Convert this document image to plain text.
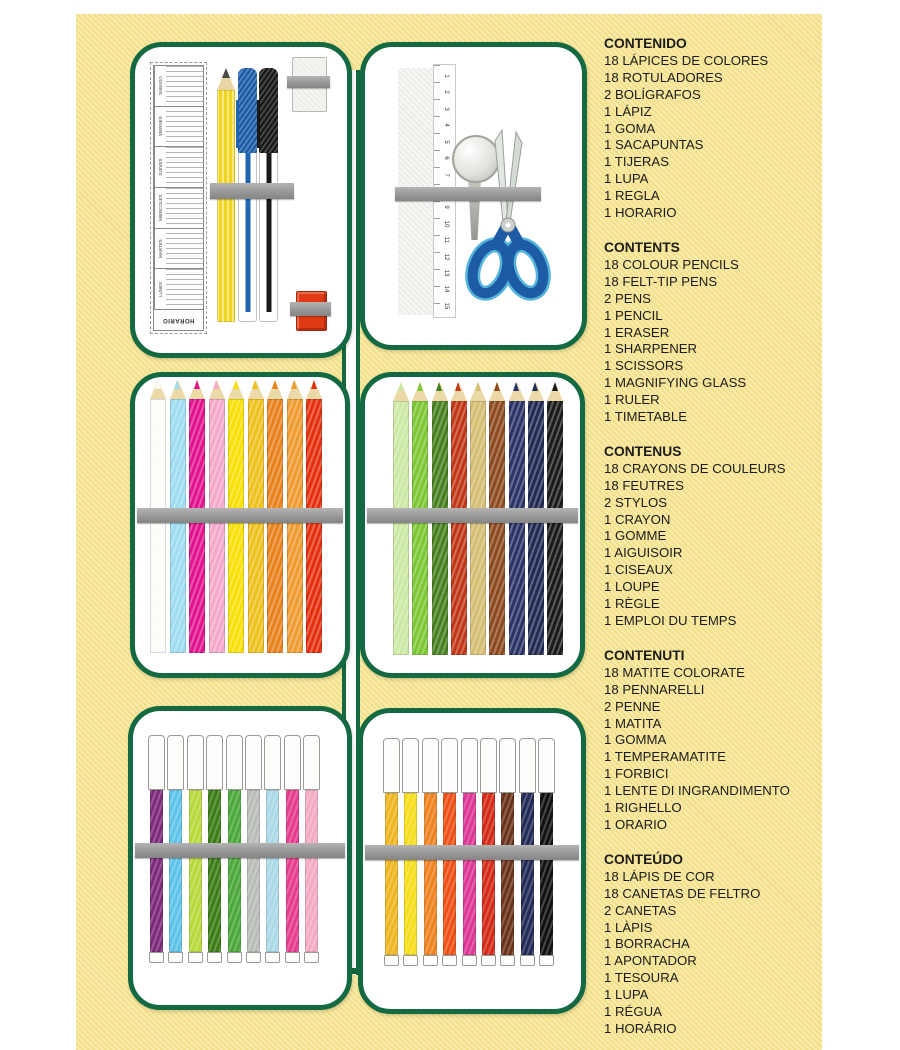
HORARIO
LUNES
MARTES
MIERCOLES
JUEVES
VIERNES
SABADO
1
2
3
4
5
6
7
9
10
11
12
13
14
15
CONTENIDO
18 LÁPICES DE COLORES
18 ROTULADORES
2 BOLÍGRAFOS
1 LÁPIZ
1 GOMA
1 SACAPUNTAS
1 TIJERAS
1 LUPA
1 REGLA
1 HORARIO
CONTENTS
18 COLOUR PENCILS
18 FELT-TIP PENS
2 PENS
1 PENCIL
1 ERASER
1 SHARPENER
1 SCISSORS
1 MAGNIFYING GLASS
1 RULER
1 TIMETABLE
CONTENUS
18 CRAYONS DE COULEURS
18 FEUTRES
2 STYLOS
1 CRAYON
1 GOMME
1 AIGUISOIR
1 CISEAUX
1 LOUPE
1 RÈGLE
1 EMPLOI DU TEMPS
CONTENUTI
18 MATITE COLORATE
18 PENNARELLI
2 PENNE
1 MATITA
1 GOMMA
1 TEMPERAMATITE
1 FORBICI
1 LENTE DI INGRANDIMENTO
1 RIGHELLO
1 ORARIO
CONTEÚDO
18 LÁPIS DE COR
18 CANETAS DE FELTRO
2 CANETAS
1 LÀPIS
1 BORRACHA
1 APONTADOR
1 TESOURA
1 LUPA
1 RÉGUA
1 HORÁRIO
